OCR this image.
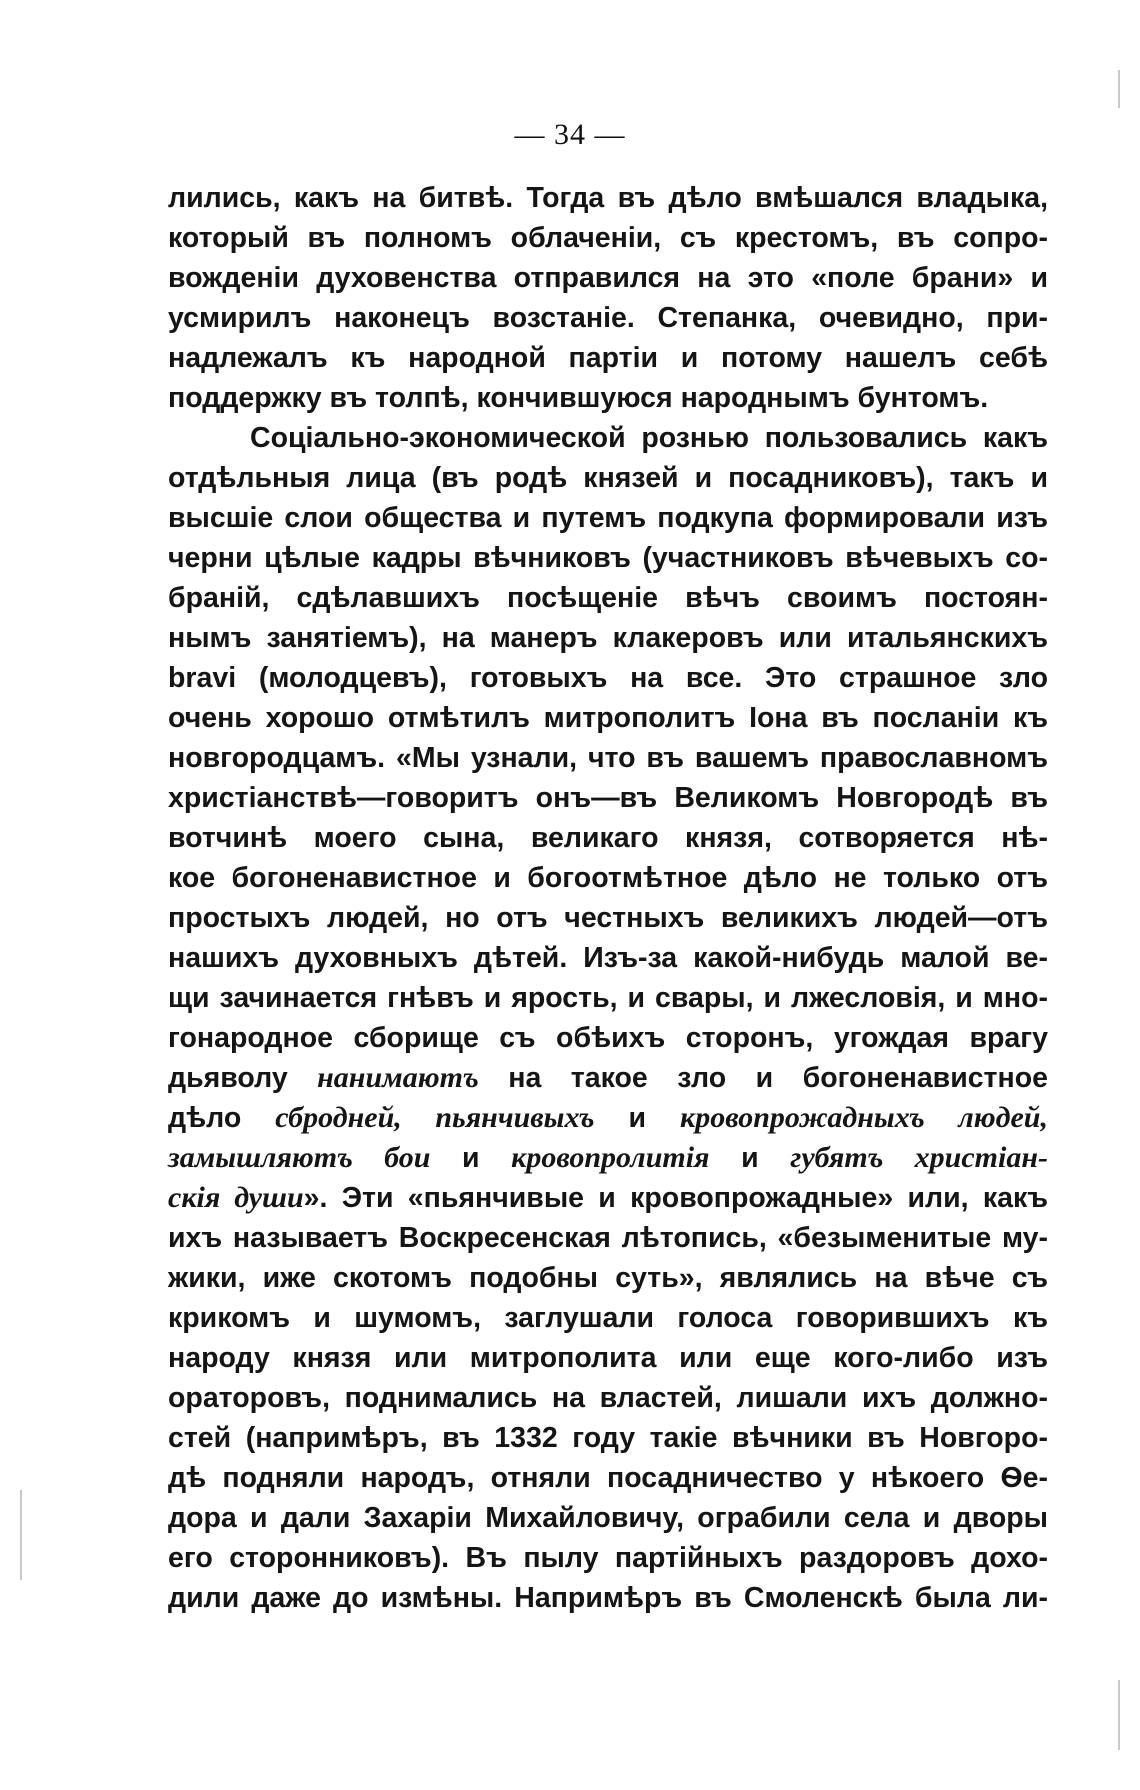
— 34 —
лились, какъ на битвѣ. Тогда въ дѣло вмѣшался владыка,
который въ полномъ облаченіи, съ крестомъ, въ сопро-
вожденіи духовенства отправился на это «поле брани» и
усмирилъ наконецъ возстаніе. Степанка, очевидно, при-
надлежалъ къ народной партіи и потому нашелъ себѣ
поддержку въ толпѣ, кончившуюся народнымъ бунтомъ.
Соціально-экономической рознью пользовались какъ
отдѣльныя лица (въ родѣ князей и посадниковъ), такъ и
высшіе слои общества и путемъ подкупа формировали изъ
черни цѣлые кадры вѣчниковъ (участниковъ вѣчевыхъ со-
браній, сдѣлавшихъ посѣщеніе вѣчъ своимъ постоян-
нымъ занятіемъ), на манеръ клакеровъ или итальянскихъ
bravi (молодцевъ), готовыхъ на все. Это страшное зло
очень хорошо отмѣтилъ митрополитъ Іона въ посланіи къ
новгородцамъ. «Мы узнали, что въ вашемъ православномъ
христіанствѣ—говоритъ онъ—въ Великомъ Новгородѣ въ
вотчинѣ моего сына, великаго князя, сотворяется нѣ-
кое богоненавистное и богоотмѣтное дѣло не только отъ
простыхъ людей, но отъ честныхъ великихъ людей—отъ
нашихъ духовныхъ дѣтей. Изъ-за какой-нибудь малой ве-
щи зачинается гнѣвъ и ярость, и свары, и лжесловія, и мно-
гонародное сборище съ обѣихъ сторонъ, угождая врагу
дьяволу нанимаютъ на такое зло и богоненавистное
дѣло сбродней, пьянчивыхъ и кровопрожадныхъ людей,
замышляютъ бои и кровопролитія и губятъ христіан-
скія души». Эти «пьянчивые и кровопрожадные» или, какъ
ихъ называетъ Воскресенская лѣтопись, «безыменитые му-
жики, иже скотомъ подобны суть», являлись на вѣче съ
крикомъ и шумомъ, заглушали голоса говорившихъ къ
народу князя или митрополита или еще кого-либо изъ
ораторовъ, поднимались на властей, лишали ихъ должно-
стей (напримѣръ, въ 1332 году такіе вѣчники въ Новгоро-
дѣ подняли народъ, отняли посадничество у нѣкоего Ѳе-
дора и дали Захаріи Михайловичу, ограбили села и дворы
его сторонниковъ). Въ пылу партійныхъ раздоровъ дохо-
дили даже до измѣны. Напримѣръ въ Смоленскѣ была ли-
